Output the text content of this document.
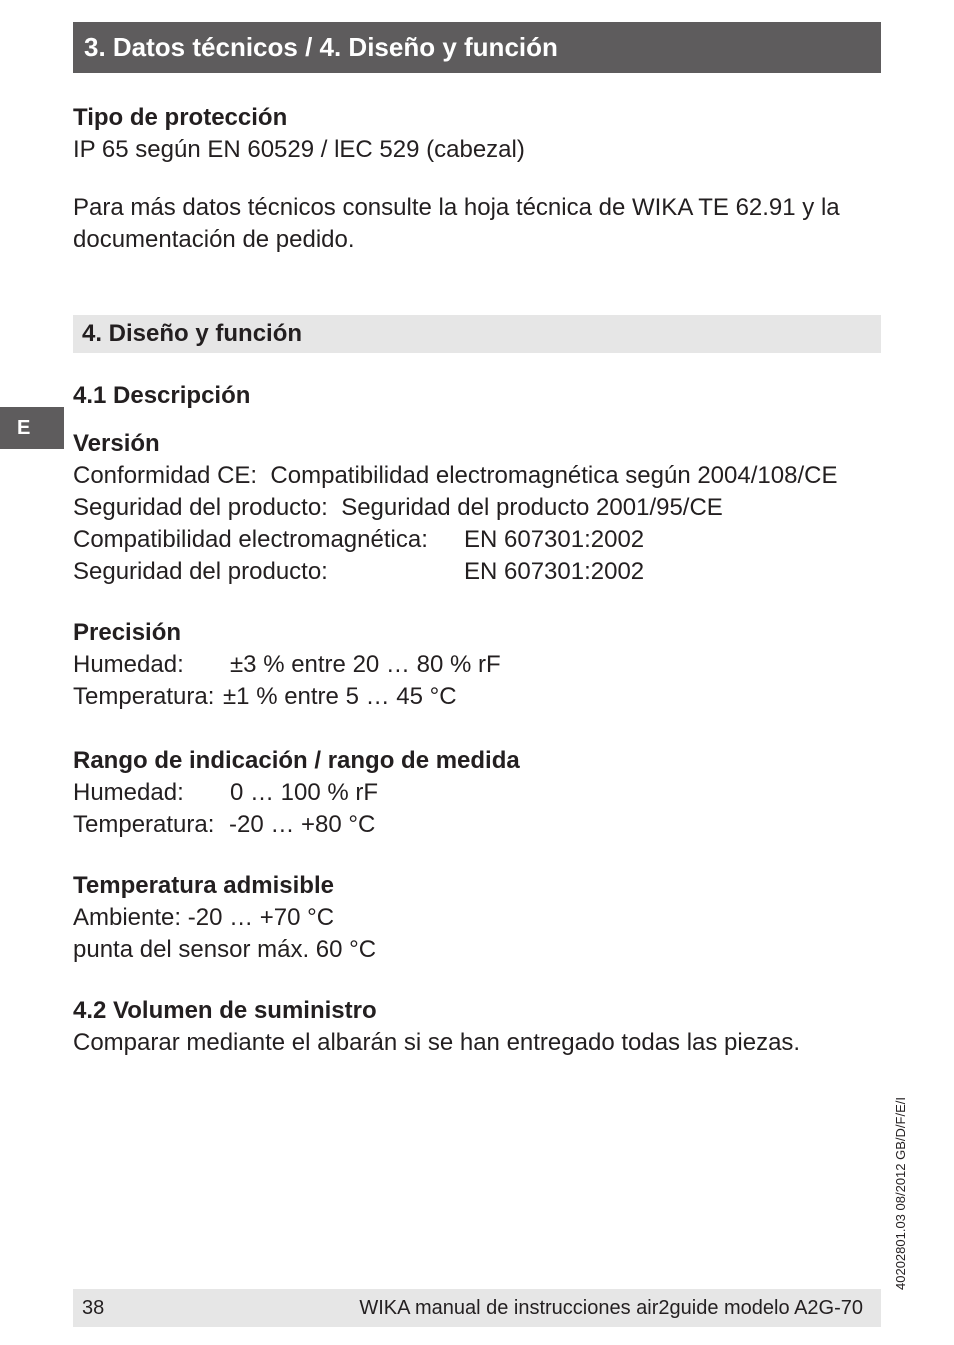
3. Datos técnicos / 4. Diseño y función
E
Tipo de protección
IP 65 según EN 60529 / lEC 529 (cabezal)
Para más datos técnicos consulte la hoja técnica de WIKA TE 62.91 y la
documentación de pedido.
4. Diseño y función
4.1 Descripción
Versión
Conformidad CE: Compatibilidad electromagnética según 2004/108/CE
Seguridad del producto: Seguridad del producto 2001/95/CE
Compatibilidad electromagnética: EN 607301:2002
Seguridad del producto:	EN 607301:2002
Precisión
Humedad: ±3 % entre 20 … 80 % rF
Temperatura: ±1 % entre 5 … 45 °C
Rango de indicación / rango de medida
Humedad: 0 … 100 % rF
Temperatura: -20 … +80 °C
Temperatura admisible
Ambiente: -20 … +70 °C
punta del sensor máx. 60 °C
4.2 Volumen de suministro
Comparar mediante el albarán si se han entregado todas las piezas.
40202801.03 08/2012 GB/D/F/E/I
38	WIKA manual de instrucciones air2guide modelo A2G-70
